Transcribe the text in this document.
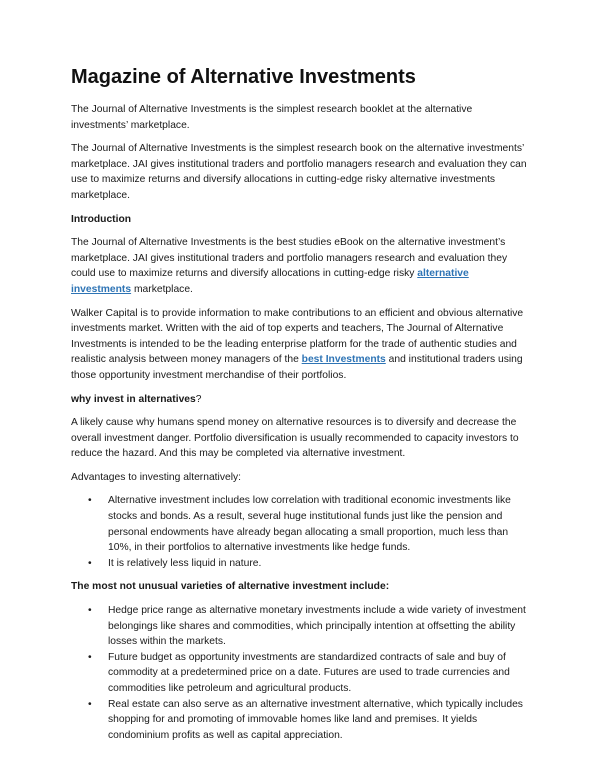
Magazine of Alternative Investments

The Journal of Alternative Investments is the simplest research booklet at the alternative investments’ marketplace.

The Journal of Alternative Investments is the simplest research book on the alternative investments’ marketplace. JAI gives institutional traders and portfolio managers research and evaluation they can use to maximize returns and diversify allocations in cutting-edge risky alternative investments marketplace.

Introduction

The Journal of Alternative Investments is the best studies eBook on the alternative investment’s marketplace. JAI gives institutional traders and portfolio managers research and evaluation they could use to maximize returns and diversify allocations in cutting-edge risky alternative investments marketplace.

Walker Capital is to provide information to make contributions to an efficient and obvious alternative investments market. Written with the aid of top experts and teachers, The Journal of Alternative Investments is intended to be the leading enterprise platform for the trade of authentic studies and realistic analysis between money managers of the best Investments and institutional traders using those opportunity investment merchandise of their portfolios.

why invest in alternatives?

A likely cause why humans spend money on alternative resources is to diversify and decrease the overall investment danger. Portfolio diversification is usually recommended to capacity investors to reduce the hazard. And this may be completed via alternative investment.

Advantages to investing alternatively:

• Alternative investment includes low correlation with traditional economic investments like stocks and bonds. As a result, several huge institutional funds just like the pension and personal endowments have already began allocating a small proportion, much less than 10%, in their portfolios to alternative investments like hedge funds.
• It is relatively less liquid in nature.

The most not unusual varieties of alternative investment include:

• Hedge price range as alternative monetary investments include a wide variety of investment belongings like shares and commodities, which principally intention at offsetting the ability losses within the markets.
• Future budget as opportunity investments are standardized contracts of sale and buy of commodity at a predetermined price on a date. Futures are used to trade currencies and commodities like petroleum and agricultural products.
• Real estate can also serve as an alternative investment alternative, which typically includes shopping for and promoting of immovable homes like land and premises. It yields condominium profits as well as capital appreciation.
